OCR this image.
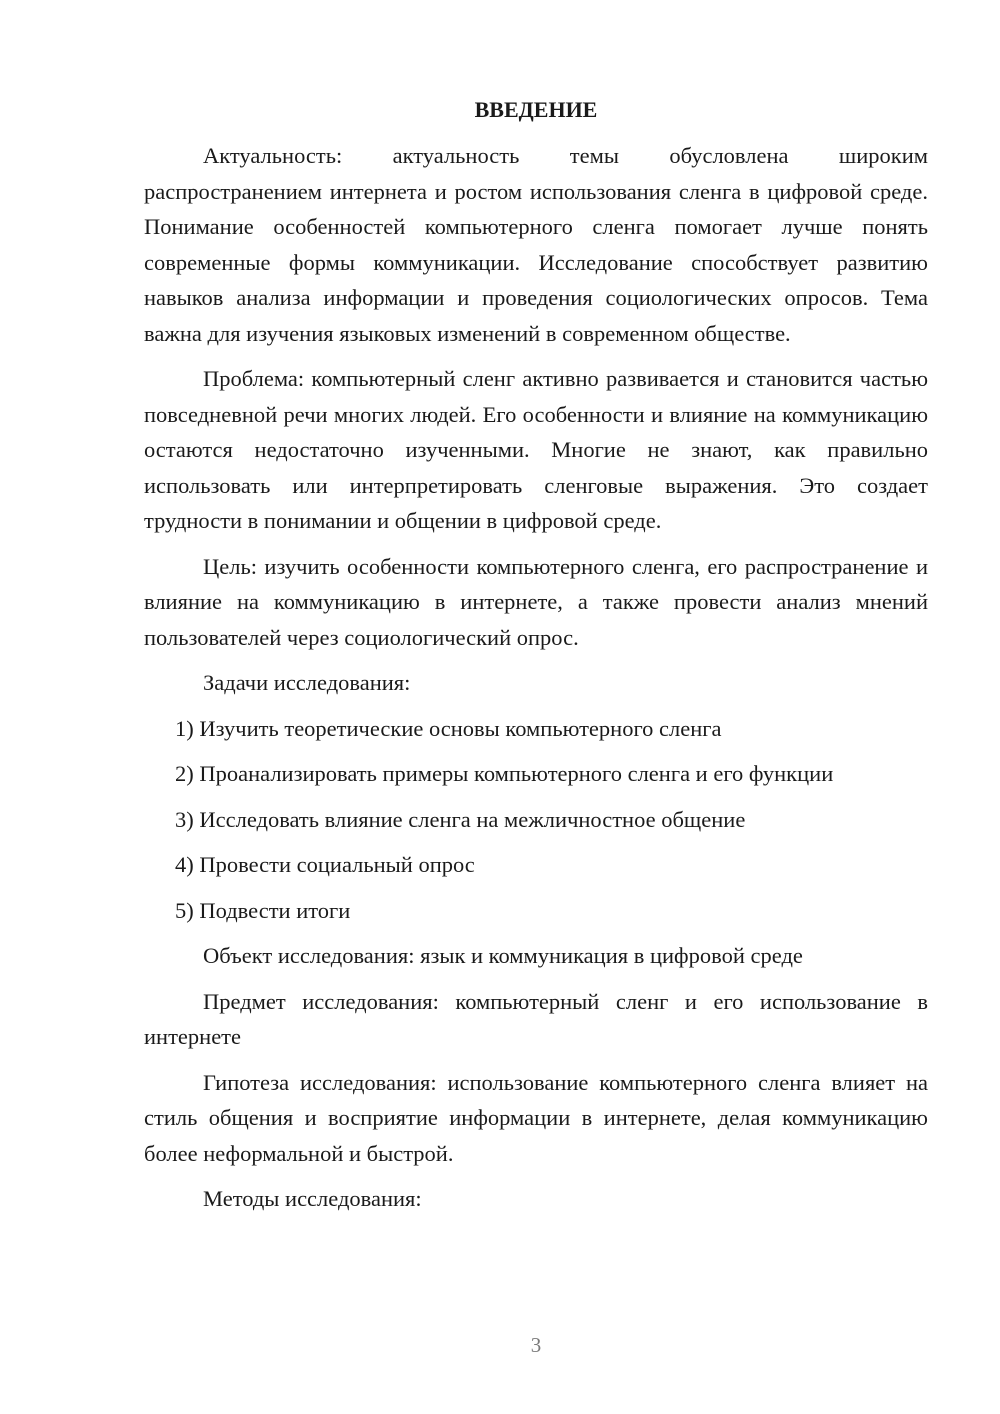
ВВЕДЕНИЕ

Актуальность: актуальность темы обусловлена широким распространением интернета и ростом использования сленга в цифровой среде. Понимание особенностей компьютерного сленга помогает лучше понять современные формы коммуникации. Исследование способствует развитию навыков анализа информации и проведения социологических опросов. Тема важна для изучения языковых изменений в современном обществе.

Проблема: компьютерный сленг активно развивается и становится частью повседневной речи многих людей. Его особенности и влияние на коммуникацию остаются недостаточно изученными. Многие не знают, как правильно использовать или интерпретировать сленговые выражения. Это создает трудности в понимании и общении в цифровой среде.

Цель: изучить особенности компьютерного сленга, его распространение и влияние на коммуникацию в интернете, а также провести анализ мнений пользователей через социологический опрос.

Задачи исследования:

1) Изучить теоретические основы компьютерного сленга
2) Проанализировать примеры компьютерного сленга и его функции
3) Исследовать влияние сленга на межличностное общение
4) Провести социальный опрос
5) Подвести итоги

Объект исследования: язык и коммуникация в цифровой среде

Предмет исследования: компьютерный сленг и его использование в интернете

Гипотеза исследования: использование компьютерного сленга влияет на стиль общения и восприятие информации в интернете, делая коммуникацию более неформальной и быстрой.

Методы исследования:

3
